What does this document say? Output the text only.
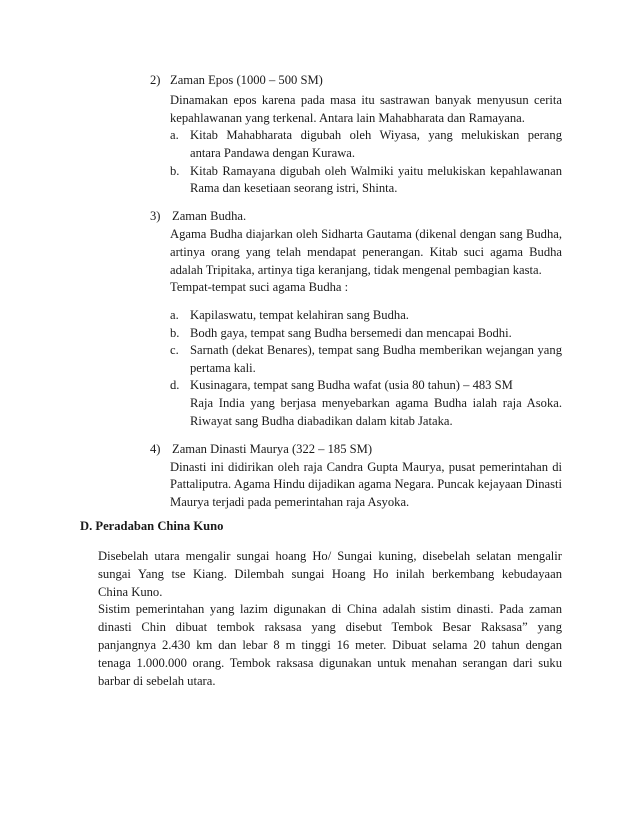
2) Zaman Epos (1000 – 500 SM)
Dinamakan epos karena pada masa itu sastrawan banyak menyusun cerita
kepahlawanan yang terkenal. Antara lain Mahabharata dan Ramayana.
a. Kitab Mahabharata digubah oleh Wiyasa, yang melukiskan perang
antara Pandawa dengan Kurawa.
b. Kitab Ramayana digubah oleh Walmiki yaitu melukiskan kepahlawanan
Rama dan kesetiaan seorang istri, Shinta.
3) Zaman Budha.
Agama Budha diajarkan oleh Sidharta Gautama (dikenal dengan sang Budha,
artinya orang yang telah mendapat penerangan. Kitab suci agama Budha
adalah Tripitaka, artinya tiga keranjang, tidak mengenal pembagian kasta.
Tempat-tempat suci agama Budha :
a. Kapilaswatu, tempat kelahiran sang Budha.
b. Bodh gaya, tempat sang Budha bersemedi dan mencapai Bodhi.
c. Sarnath (dekat Benares), tempat sang Budha memberikan wejangan yang
pertama kali.
d. Kusinagara, tempat sang Budha wafat (usia 80 tahun) – 483 SM
Raja India yang berjasa menyebarkan agama Budha ialah raja Asoka.
Riwayat sang Budha diabadikan dalam kitab Jataka.
4) Zaman Dinasti Maurya (322 – 185 SM)
Dinasti ini didirikan oleh raja Candra Gupta Maurya, pusat pemerintahan di
Pattaliputra. Agama Hindu dijadikan agama Negara. Puncak kejayaan Dinasti
Maurya terjadi pada pemerintahan raja Asyoka.
D. Peradaban China Kuno
Disebelah utara mengalir sungai hoang Ho/ Sungai kuning, disebelah selatan mengalir
sungai Yang tse Kiang. Dilembah sungai Hoang Ho inilah berkembang kebudayaan
China Kuno.
Sistim pemerintahan yang lazim digunakan di China adalah sistim dinasti. Pada zaman
dinasti Chin dibuat tembok raksasa yang disebut Tembok Besar Raksasa” yang
panjangnya 2.430 km dan lebar 8 m tinggi 16 meter. Dibuat selama 20 tahun dengan
tenaga 1.000.000 orang. Tembok raksasa digunakan untuk menahan serangan dari suku
barbar di sebelah utara.
